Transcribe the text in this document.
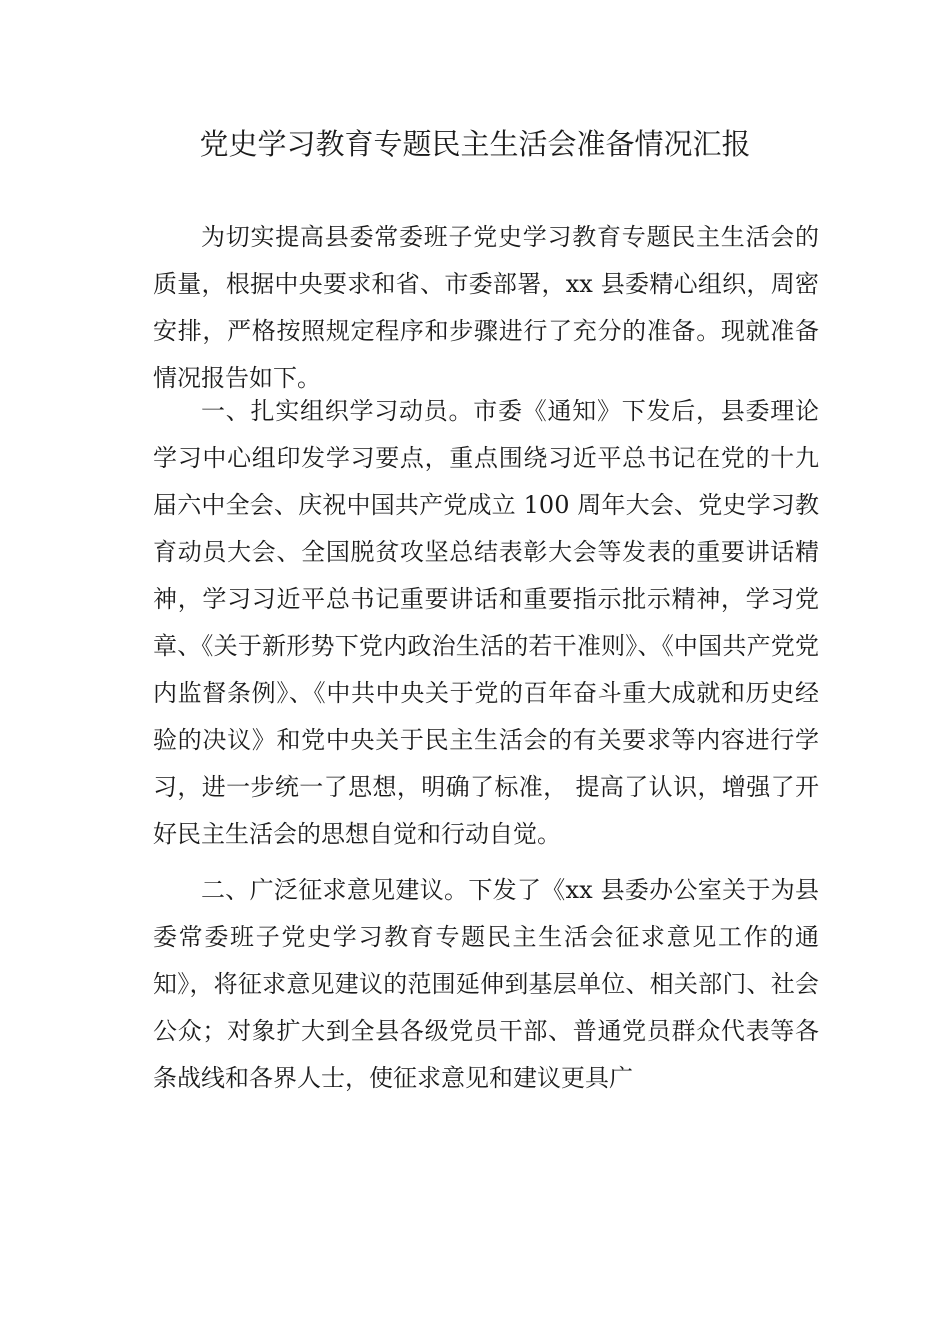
党史学习教育专题民主生活会准备情况汇报

为切实提高县委常委班子党史学习教育专题民主生活会的质量，根据中央要求和省、市委部署，xx 县委精心组织，周密安排，严格按照规定程序和步骤进行了充分的准备。现就准备情况报告如下。

一、扎实组织学习动员。市委《通知》下发后，县委理论学习中心组印发学习要点，重点围绕习近平总书记在党的十九届六中全会、庆祝中国共产党成立 100 周年大会、党史学习教育动员大会、全国脱贫攻坚总结表彰大会等发表的重要讲话精神，学习习近平总书记重要讲话和重要指示批示精神，学习党章、《关于新形势下党内政治生活的若干准则》、《中国共产党党内监督条例》、《中共中央关于党的百年奋斗重大成就和历史经验的决议》和党中央关于民主生活会的有关要求等内容进行学习，进一步统一了思想，明确了标准， 提高了认识，增强了开好民主生活会的思想自觉和行动自觉。

二、广泛征求意见建议。下发了《xx 县委办公室关于为县委常委班子党史学习教育专题民主生活会征求意见工作的通知》，将征求意见建议的范围延伸到基层单位、相关部门、社会公众；对象扩大到全县各级党员干部、普通党员群众代表等各条战线和各界人士，使征求意见和建议更具广
